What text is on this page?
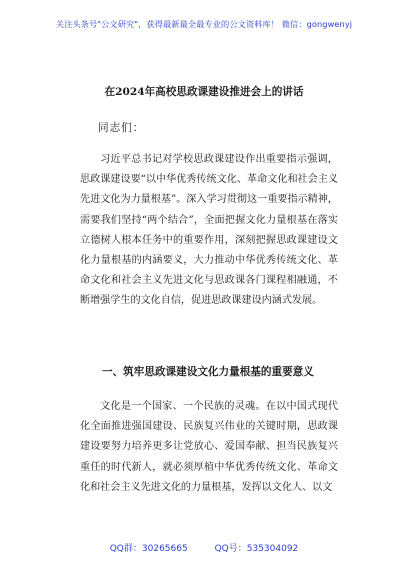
关注头条号"公文研究"，获得最新最全最专业的公文资料库！ 微信：gongwenyj
在2024年高校思政课建设推进会上的讲话
同志们：

习近平总书记对学校思政课建设作出重要指示强调，思政课建设要“以中华优秀传统文化、革命文化和社会主义先进文化为力量根基”。深入学习贯彻这一重要指示精神，需要我们坚持“两个结合”，全面把握文化力量根基在落实立德树人根本任务中的重要作用，深刻把握思政课建设文化力量根基的内涵要义，大力推动中华优秀传统文化、革命文化和社会主义先进文化与思政课各门课程相融通，不断增强学生的文化自信，促进思政课建设内涵式发展。

一、筑牢思政课建设文化力量根基的重要意义

文化是一个国家、一个民族的灵魂。在以中国式现代化全面推进强国建设、民族复兴伟业的关键时期，思政课建设要努力培养更多让党放心、爱国奉献、担当民族复兴重任的时代新人，就必须厚植中华优秀传统文化、革命文化和社会主义先进文化的力量根基，发挥以文化人、以文

QQ群：30265665	QQ号：535304092
